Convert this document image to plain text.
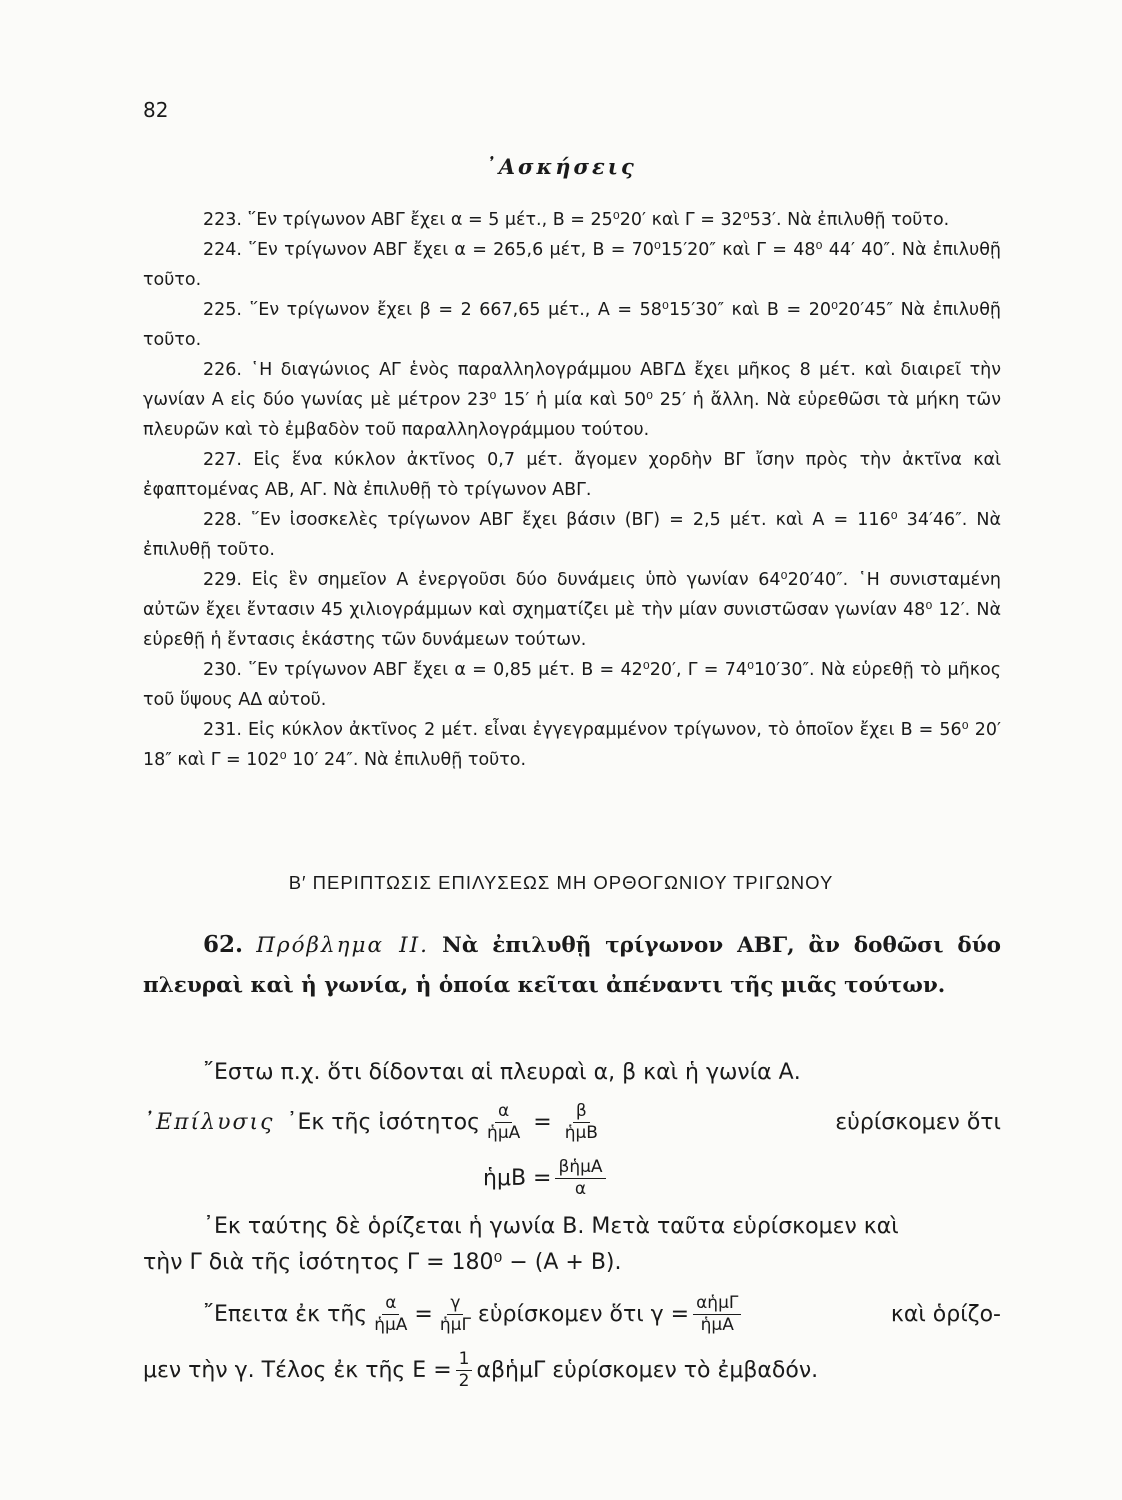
82
᾽Ασκήσεις

223. ῞Εν τρίγωνον ΑΒΓ ἔχει α = 5 μέτ., Β = 25⁰20′ καὶ Γ = 32⁰53′. Νὰ ἐπιλυθῇ τοῦτο.

224. ῞Εν τρίγωνον ΑΒΓ ἔχει α = 265,6 μέτ, Β = 70⁰15′20″ καὶ Γ = 48⁰ 44′ 40″. Νὰ ἐπιλυθῇ τοῦτο.

225. ῞Εν τρίγωνον ἔχει β = 2 667,65 μέτ., Α = 58⁰15′30″ καὶ Β = 20⁰20′45″ Νὰ ἐπιλυθῇ τοῦτο.

226. ῾Η διαγώνιος ΑΓ ἑνὸς παραλληλογράμμου ΑΒΓΔ ἔχει μῆκος 8 μέτ. καὶ διαιρεῖ τὴν γωνίαν Α εἰς δύο γωνίας μὲ μέτρον 23⁰ 15′ ἡ μία καὶ 50⁰ 25′ ἡ ἄλλη. Νὰ εὑρεθῶσι τὰ μήκη τῶν πλευρῶν καὶ τὸ ἐμβαδὸν τοῦ παραλληλογράμμου τούτου.

227. Εἰς ἕνα κύκλον ἀκτῖνος 0,7 μέτ. ἄγομεν χορδὴν ΒΓ ἴσην πρὸς τὴν ἀκτῖνα καὶ ἐφαπτομένας ΑΒ, ΑΓ. Νὰ ἐπιλυθῇ τὸ τρίγωνον ΑΒΓ.

228. ῞Εν ἰσοσκελὲς τρίγωνον ΑΒΓ ἔχει βάσιν (ΒΓ) = 2,5 μέτ. καὶ Α = 116⁰ 34′46″. Νὰ ἐπιλυθῇ τοῦτο.

229. Εἰς ἓν σημεῖον Α ἐνεργοῦσι δύο δυνάμεις ὑπὸ γωνίαν 64⁰20′40″. ῾Η συνισταμένη αὐτῶν ἔχει ἔντασιν 45 χιλιογράμμων καὶ σχηματίζει μὲ τὴν μίαν συνιστῶσαν γωνίαν 48⁰ 12′. Νὰ εὑρεθῇ ἡ ἔντασις ἑκάστης τῶν δυνάμεων τούτων.

230. ῞Εν τρίγωνον ΑΒΓ ἔχει α = 0,85 μέτ. Β = 42⁰20′, Γ = 74⁰10′30″. Νὰ εὑρεθῇ τὸ μῆκος τοῦ ὕψους ΑΔ αὐτοῦ.

231. Εἰς κύκλον ἀκτῖνος 2 μέτ. εἶναι ἐγγεγραμμένον τρίγωνον, τὸ ὁποῖον ἔχει Β = 56⁰ 20′ 18″ καὶ Γ = 102⁰ 10′ 24″. Νὰ ἐπιλυθῇ τοῦτο.

Β′ ΠΕΡΙΠΤΩΣΙΣ ΕΠΙΛΥΣΕΩΣ ΜΗ ΟΡΘΟΓΩΝΙΟΥ ΤΡΙΓΩΝΟΥ
62. Πρόβλημα ΙΙ. Νὰ ἐπιλυθῇ τρίγωνον ΑΒΓ, ἂν δοθῶσι δύο πλευραὶ καὶ ἡ γωνία, ἡ ὁποία κεῖται ἀπέναντι τῆς μιᾶς τούτων.
῎Εστω π.χ. ὅτι δίδονται αἱ πλευραὶ α, β καὶ ἡ γωνία Α.
᾽Επίλυσις ᾽Εκ τῆς ἰσότητος $\frac{\alpha}{\text{ἡμΑ}} = \frac{\beta}{\text{ἡμΒ}}$	εὑρίσκομεν ὅτι
ἡμΒ = $\frac{\text{βἡμΑ}}{\alpha}$
᾽Εκ ταύτης δὲ ὁρίζεται ἡ γωνία Β. Μετὰ ταῦτα εὑρίσκομεν καὶ
τὴν Γ διὰ τῆς ἰσότητος Γ = 180⁰ − (Α + Β).
῎Επειτα ἐκ τῆς $\frac{\alpha}{\text{ἡμΑ}} = \frac{\gamma}{\text{ἡμΓ}}$ εὑρίσκομεν ὅτι $\gamma = \frac{\text{αἡμΓ}}{\text{ἡμΑ}}$	καὶ ὁρίζο-
μεν τὴν γ. Τέλος ἐκ τῆς $E = \frac{1}{2}$ αβἡμΓ εὑρίσκομεν τὸ ἐμβαδόν.
